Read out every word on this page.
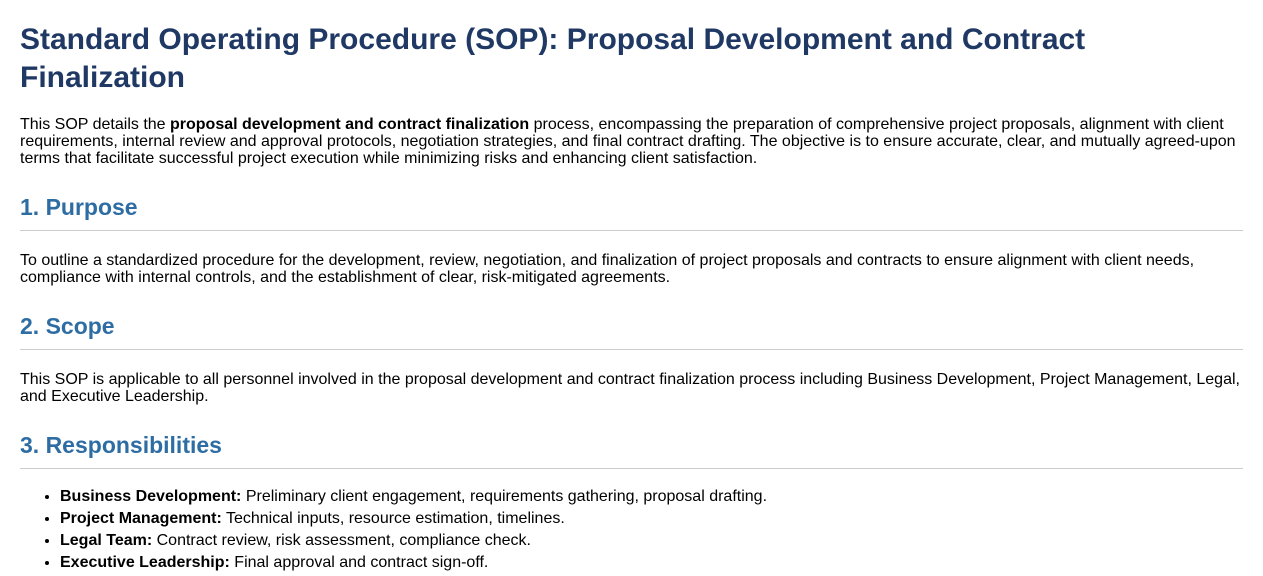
Standard Operating Procedure (SOP): Proposal Development and Contract Finalization

This SOP details the proposal development and contract finalization process, encompassing the preparation of comprehensive project proposals, alignment with client requirements, internal review and approval protocols, negotiation strategies, and final contract drafting. The objective is to ensure accurate, clear, and mutually agreed-upon terms that facilitate successful project execution while minimizing risks and enhancing client satisfaction.

1. Purpose

To outline a standardized procedure for the development, review, negotiation, and finalization of project proposals and contracts to ensure alignment with client needs, compliance with internal controls, and the establishment of clear, risk-mitigated agreements.

2. Scope

This SOP is applicable to all personnel involved in the proposal development and contract finalization process including Business Development, Project Management, Legal, and Executive Leadership.

3. Responsibilities
• Business Development: Preliminary client engagement, requirements gathering, proposal drafting.
• Project Management: Technical inputs, resource estimation, timelines.
• Legal Team: Contract review, risk assessment, compliance check.
• Executive Leadership: Final approval and contract sign-off.
